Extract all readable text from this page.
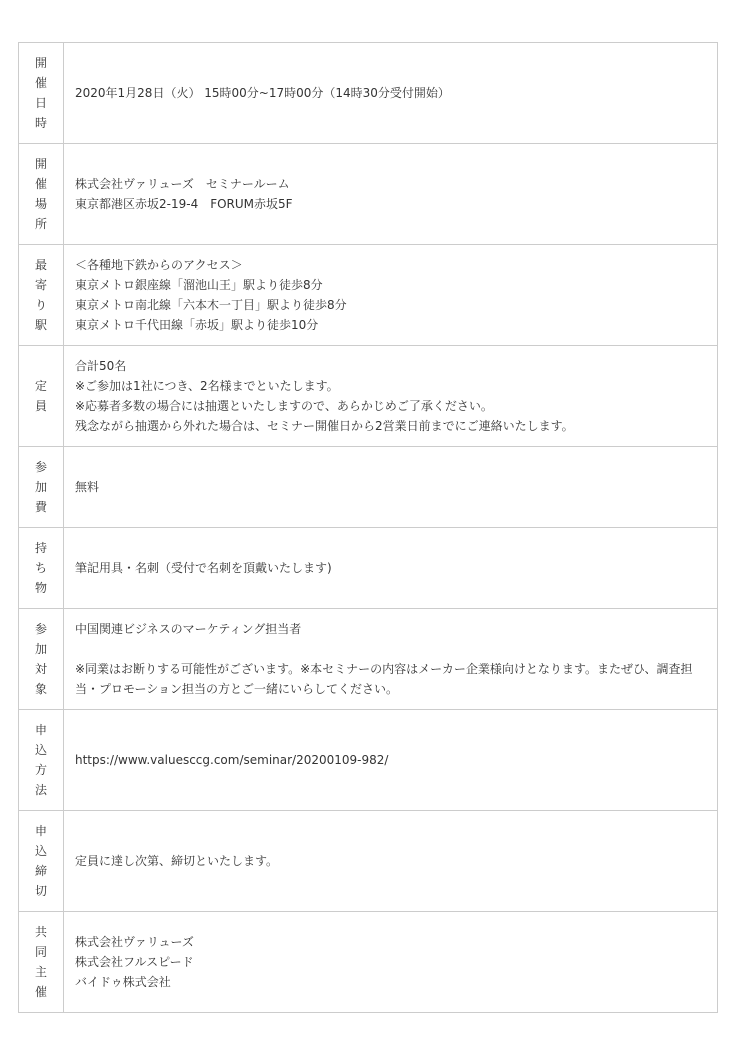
開
催
日
時	2020年1月28日（火） 15時00分~17時00分（14時30分受付開始）

開
催
場
所	株式会社ヴァリューズ　セミナールーム
東京都港区赤坂2-19-4　FORUM赤坂5F

最
寄
り
駅	＜各種地下鉄からのアクセス＞
東京メトロ銀座線「溜池山王」駅より徒歩8分
東京メトロ南北線「六本木一丁目」駅より徒歩8分
東京メトロ千代田線「赤坂」駅より徒歩10分

定
員	合計50名
※ご参加は1社につき、2名様までといたします。
※応募者多数の場合には抽選といたしますので、あらかじめご了承ください。
残念ながら抽選から外れた場合は、セミナー開催日から2営業日前までにご連絡いたします。

参
加
費	無料

持
ち
物	筆記用具・名刺（受付で名刺を頂戴いたします)

参
加
対
象	中国関連ビジネスのマーケティング担当者
※同業はお断りする可能性がございます。※本セミナーの内容はメーカー企業様向けとなります。またぜひ、調査担当・プロモーション担当の方とご一緒にいらしてください。

申
込
方
法	https://www.valuesccg.com/seminar/20200109-982/

申
込
締
切	定員に達し次第、締切といたします。

共
同
主
催	株式会社ヴァリューズ
株式会社フルスピード
バイドゥ株式会社
